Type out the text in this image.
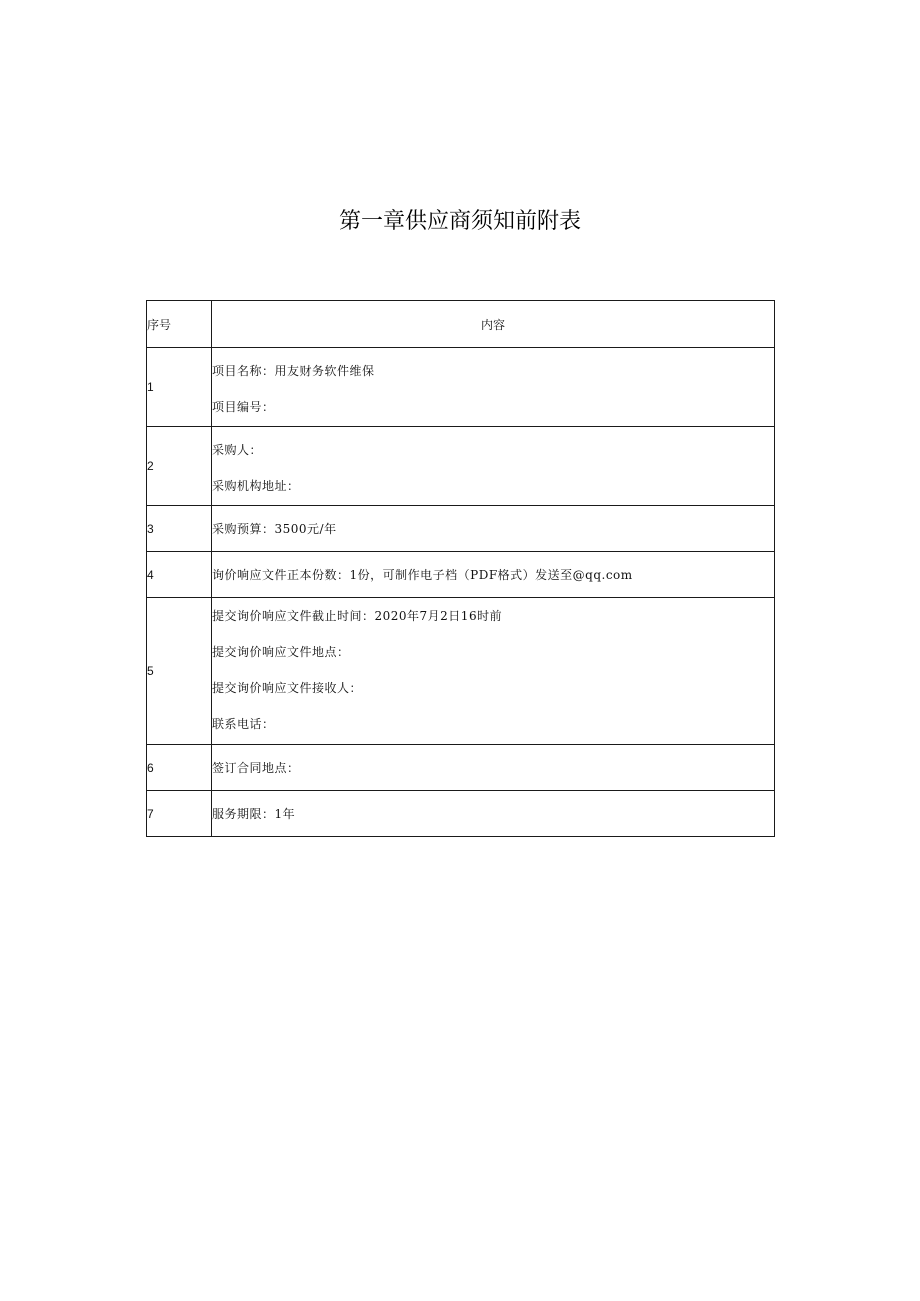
第一章供应商须知前附表
序号	内容
1	项目名称：用友财务软件维保
项目编号：

2	采购人：
采购机构地址：

3	采购预算：3500元/年

4	询价响应文件正本份数：1份，可制作电子档（PDF格式）发送至@qq.com

5	提交询价响应文件截止时间：2020年7月2日16时前
提交询价响应文件地点：
提交询价响应文件接收人：
联系电话：

6	签订合同地点：

7	服务期限：1年
